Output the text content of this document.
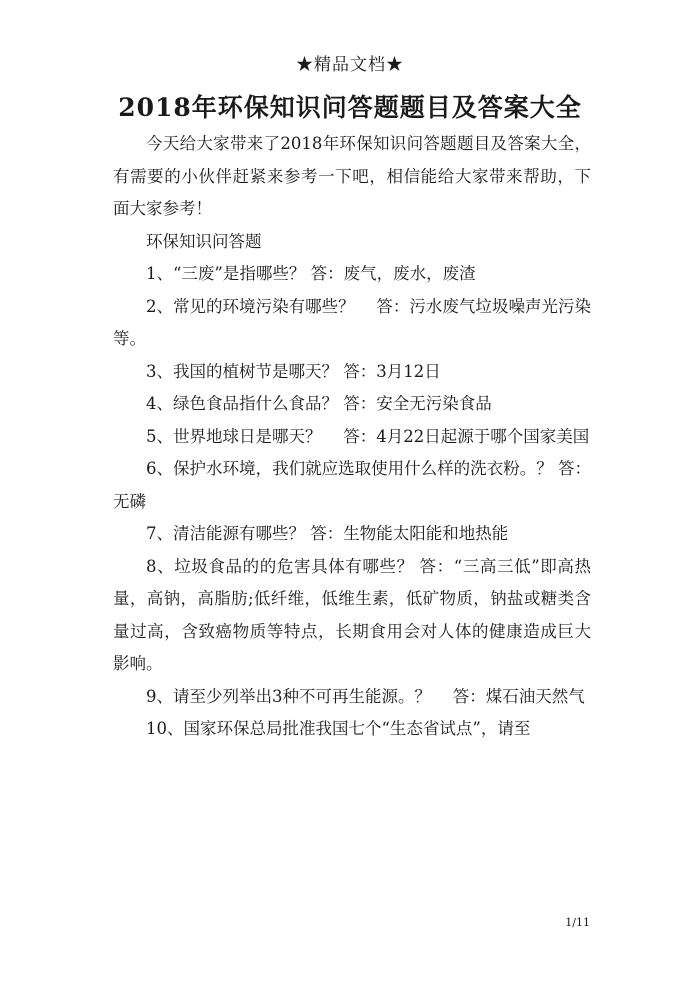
★精品文档★
2018年环保知识问答题题目及答案大全

今天给大家带来了2018年环保知识问答题题目及答案大全，有需要的小伙伴赶紧来参考一下吧，相信能给大家带来帮助，下面大家参考！

环保知识问答题

1、“三废”是指哪些？ 答：废气，废水，废渣

2、常见的环境污染有哪些？　 答：污水废气垃圾噪声光污染等。

3、我国的植树节是哪天？ 答：3月12日

4、绿色食品指什么食品？ 答：安全无污染食品

5、世界地球日是哪天？　 答：4月22日起源于哪个国家美国

6、保护水环境，我们就应选取使用什么样的洗衣粉。？ 答：无磷

7、清洁能源有哪些？ 答：生物能太阳能和地热能

8、垃圾食品的的危害具体有哪些？ 答：“三高三低”即高热量，高钠，高脂肪;低纤维，低维生素，低矿物质，钠盐或糖类含量过高，含致癌物质等特点，长期食用会对人体的健康造成巨大影响。

9、请至少列举出3种不可再生能源。？　 答：煤石油天然气

10、国家环保总局批准我国七个“生态省试点”，请至

1/11
